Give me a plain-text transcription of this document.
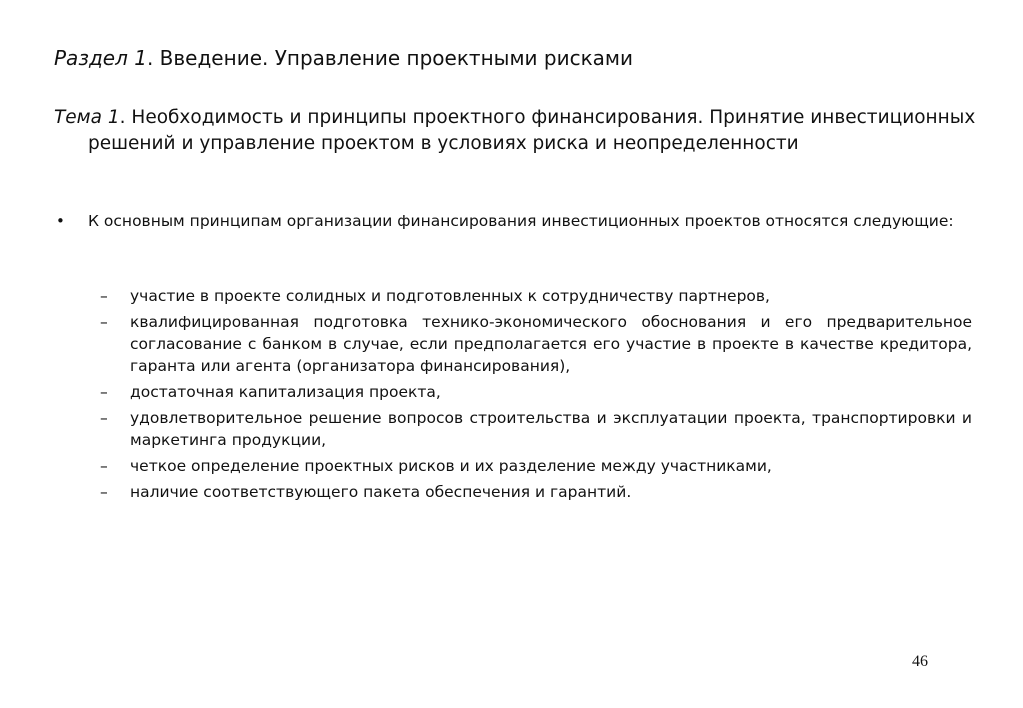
Раздел 1. Введение. Управление проектными рисками

Тема 1. Необходимость и принципы проектного финансирования. Принятие инвестиционных решений и управление проектом в условиях риска и неопределенности

• К основным принципам организации финансирования инвестиционных проектов относятся следующие:
– участие в проекте солидных и подготовленных к сотрудничеству партнеров,
– квалифицированная подготовка технико-экономического обоснования и его предварительное согласование с банком в случае, если предполагается его участие в проекте в качестве кредитора, гаранта или агента (организатора финансирования),
– достаточная капитализация проекта,
– удовлетворительное решение вопросов строительства и эксплуатации проекта, транспортировки и маркетинга продукции,
– четкое определение проектных рисков и их разделение между участниками,
– наличие соответствующего пакета обеспечения и гарантий.
46
